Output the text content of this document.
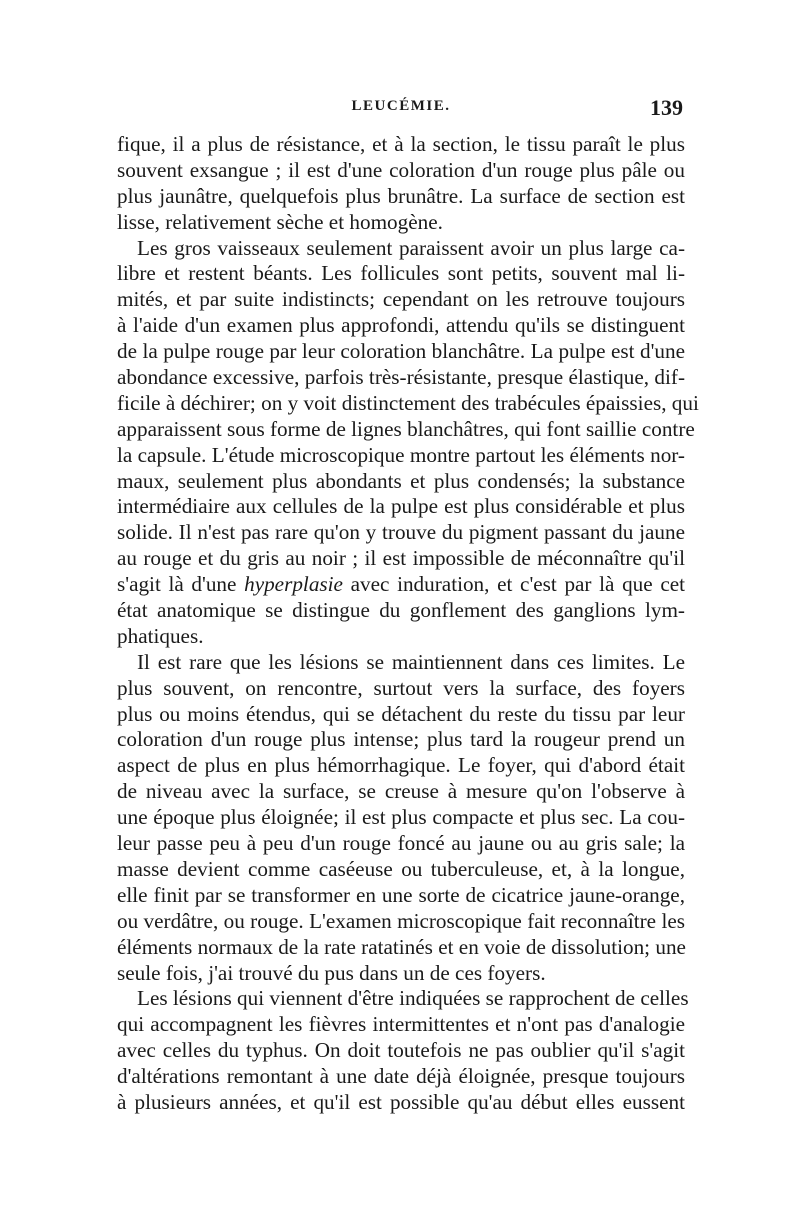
LEUCÉMIE.	139
fique, il a plus de résistance, et à la section, le tissu paraît le plus
souvent exsangue ; il est d'une coloration d'un rouge plus pâle ou
plus jaunâtre, quelquefois plus brunâtre. La surface de section est
lisse, relativement sèche et homogène.
Les gros vaisseaux seulement paraissent avoir un plus large ca-
libre et restent béants. Les follicules sont petits, souvent mal li-
mités, et par suite indistincts; cependant on les retrouve toujours
à l'aide d'un examen plus approfondi, attendu qu'ils se distinguent
de la pulpe rouge par leur coloration blanchâtre. La pulpe est d'une
abondance excessive, parfois très-résistante, presque élastique, dif-
ficile à déchirer; on y voit distinctement des trabécules épaissies, qui
apparaissent sous forme de lignes blanchâtres, qui font saillie contre
la capsule. L'étude microscopique montre partout les éléments nor-
maux, seulement plus abondants et plus condensés; la substance
intermédiaire aux cellules de la pulpe est plus considérable et plus
solide. Il n'est pas rare qu'on y trouve du pigment passant du jaune
au rouge et du gris au noir ; il est impossible de méconnaître qu'il
s'agit là d'une hyperplasie avec induration, et c'est par là que cet
état anatomique se distingue du gonflement des ganglions lym-
phatiques.
Il est rare que les lésions se maintiennent dans ces limites. Le
plus souvent, on rencontre, surtout vers la surface, des foyers
plus ou moins étendus, qui se détachent du reste du tissu par leur
coloration d'un rouge plus intense; plus tard la rougeur prend un
aspect de plus en plus hémorrhagique. Le foyer, qui d'abord était
de niveau avec la surface, se creuse à mesure qu'on l'observe à
une époque plus éloignée; il est plus compacte et plus sec. La cou-
leur passe peu à peu d'un rouge foncé au jaune ou au gris sale; la
masse devient comme caséeuse ou tuberculeuse, et, à la longue,
elle finit par se transformer en une sorte de cicatrice jaune-orange,
ou verdâtre, ou rouge. L'examen microscopique fait reconnaître les
éléments normaux de la rate ratatinés et en voie de dissolution; une
seule fois, j'ai trouvé du pus dans un de ces foyers.
Les lésions qui viennent d'être indiquées se rapprochent de celles
qui accompagnent les fièvres intermittentes et n'ont pas d'analogie
avec celles du typhus. On doit toutefois ne pas oublier qu'il s'agit
d'altérations remontant à une date déjà éloignée, presque toujours
à plusieurs années, et qu'il est possible qu'au début elles eussent
